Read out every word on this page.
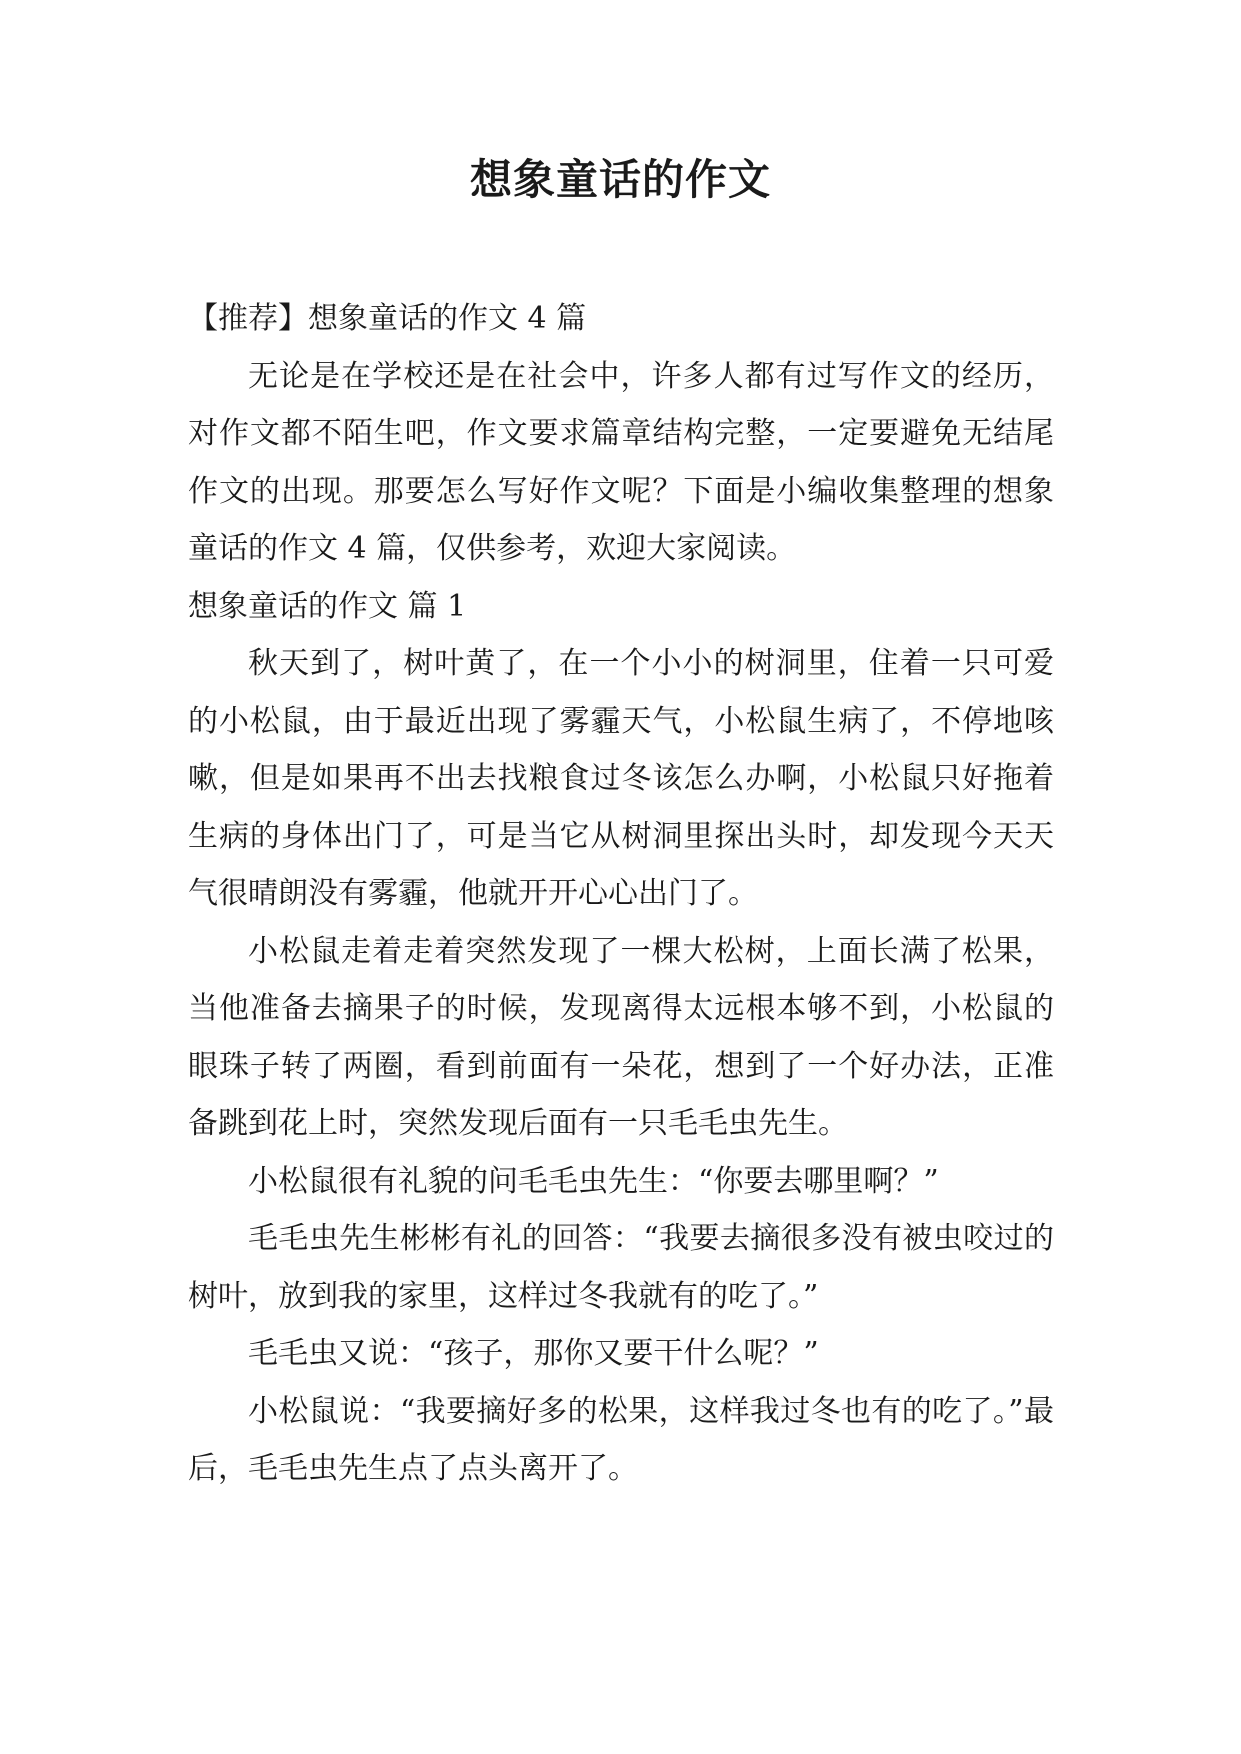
想象童话的作文

【推荐】想象童话的作文 4 篇

无论是在学校还是在社会中，许多人都有过写作文的经历，对作文都不陌生吧，作文要求篇章结构完整，一定要避免无结尾作文的出现。那要怎么写好作文呢？下面是小编收集整理的想象童话的作文 4 篇，仅供参考，欢迎大家阅读。

想象童话的作文 篇 1

秋天到了，树叶黄了，在一个小小的树洞里，住着一只可爱的小松鼠，由于最近出现了雾霾天气，小松鼠生病了，不停地咳嗽，但是如果再不出去找粮食过冬该怎么办啊，小松鼠只好拖着生病的身体出门了，可是当它从树洞里探出头时，却发现今天天气很晴朗没有雾霾，他就开开心心出门了。

小松鼠走着走着突然发现了一棵大松树，上面长满了松果，当他准备去摘果子的时候，发现离得太远根本够不到，小松鼠的眼珠子转了两圈，看到前面有一朵花，想到了一个好办法，正准备跳到花上时，突然发现后面有一只毛毛虫先生。

小松鼠很有礼貌的问毛毛虫先生：“你要去哪里啊？”

毛毛虫先生彬彬有礼的回答：“我要去摘很多没有被虫咬过的树叶，放到我的家里，这样过冬我就有的吃了。”

毛毛虫又说：“孩子，那你又要干什么呢？”

小松鼠说：“我要摘好多的松果，这样我过冬也有的吃了。”最后，毛毛虫先生点了点头离开了。
